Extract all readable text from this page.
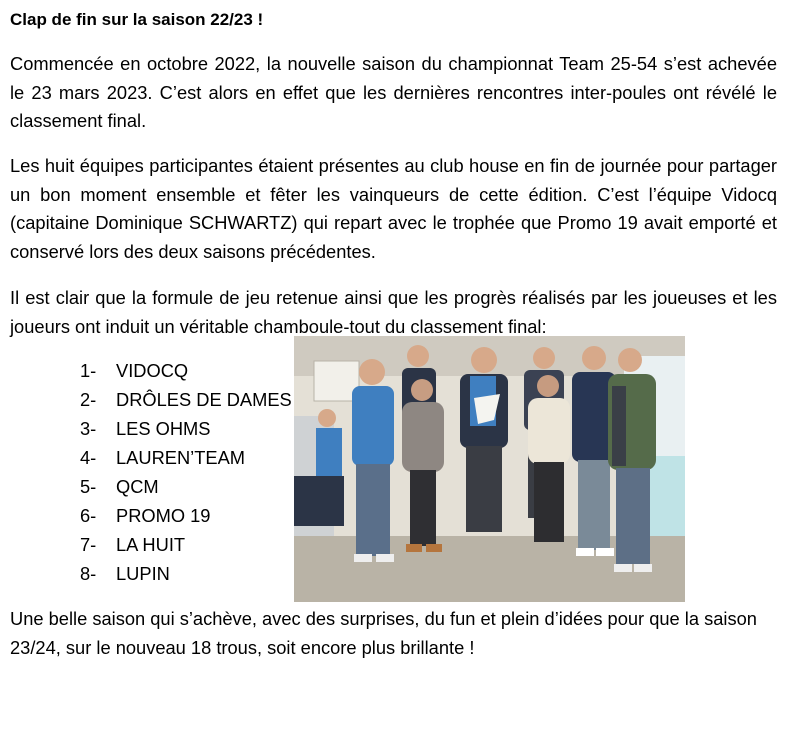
Clap de fin sur la saison 22/23 !
Commencée en octobre 2022, la nouvelle saison du championnat Team 25-54 s’est achevée le 23 mars 2023. C’est alors en effet que les dernières rencontres inter-poules ont révélé le classement final.
Les huit équipes participantes étaient présentes au club house en fin de journée pour partager un bon moment ensemble et fêter les vainqueurs de cette édition. C’est l’équipe Vidocq (capitaine Dominique SCHWARTZ) qui repart avec le trophée que Promo 19 avait emporté et conservé lors des deux saisons précédentes.
Il est clair que la formule de jeu retenue ainsi que les progrès réalisés par les joueuses et les joueurs ont induit un véritable chamboule-tout du classement final:
1-	VIDOCQ
2-	DRÔLES DE DAMES
3-	LES OHMS
4-	LAUREN’TEAM
5-	QCM
6-	PROMO 19
7-	LA HUIT
8-	LUPIN
Une belle saison qui s’achève, avec des surprises, du fun et plein d’idées pour que la saison 23/24, sur le nouveau 18 trous, soit encore plus brillante !
